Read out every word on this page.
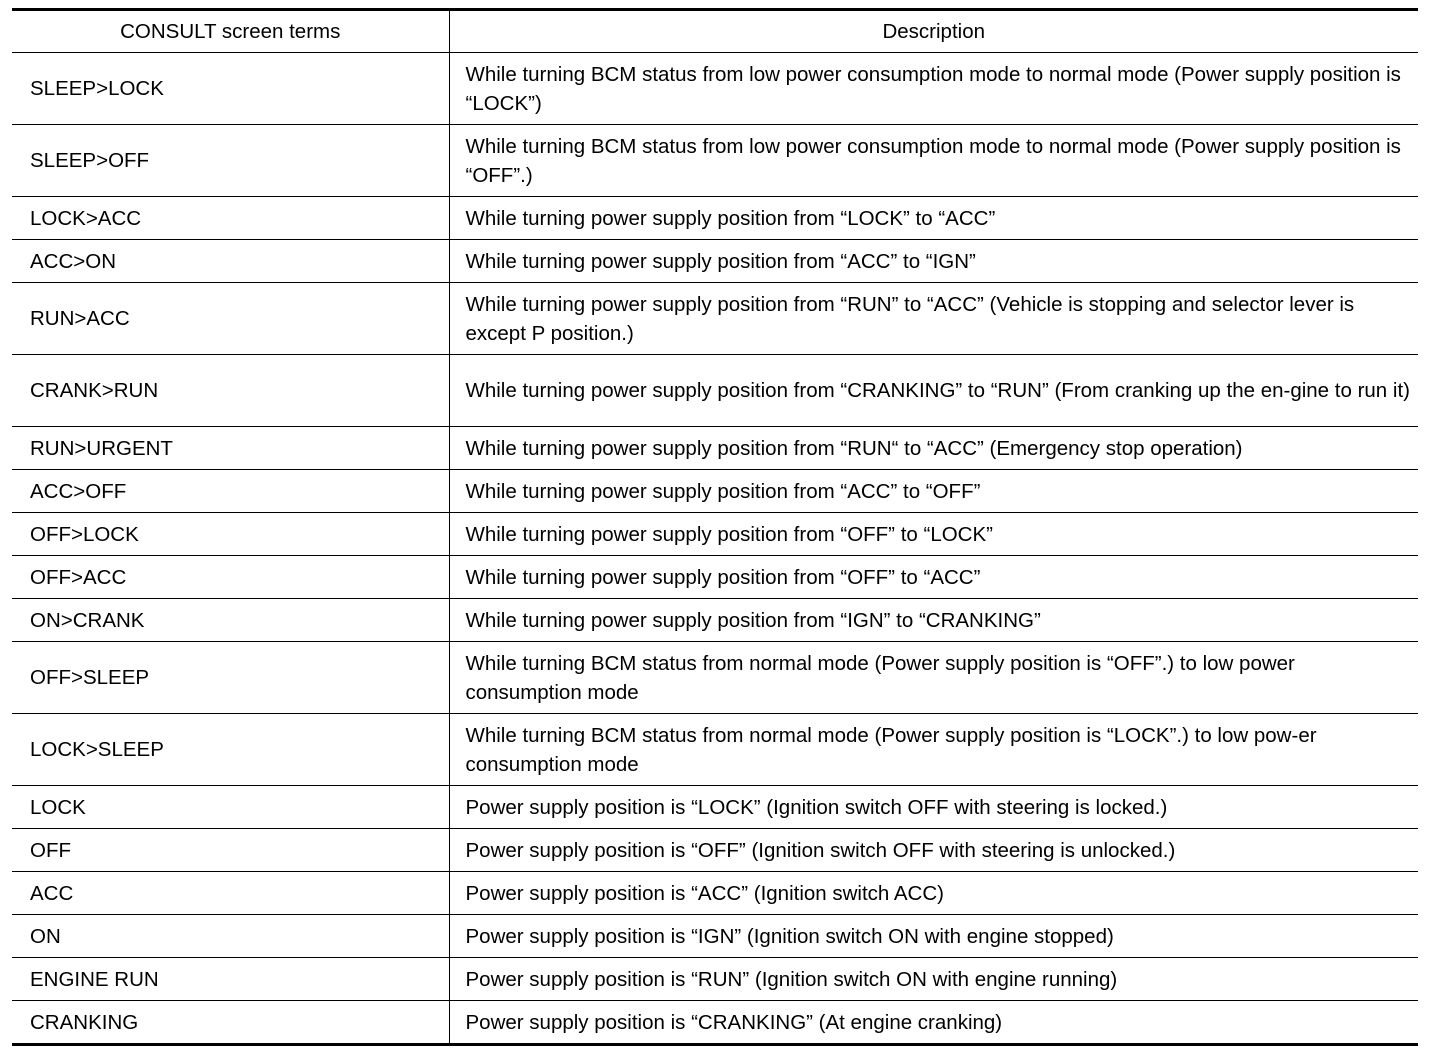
CONSULT screen terms	Description
SLEEP>LOCK	While turning BCM status from low power consumption mode to normal mode (Power supply position is “LOCK”)
SLEEP>OFF	While turning BCM status from low power consumption mode to normal mode (Power supply position is “OFF”.)
LOCK>ACC	While turning power supply position from “LOCK” to “ACC”
ACC>ON	While turning power supply position from “ACC” to “IGN”
RUN>ACC	While turning power supply position from “RUN” to “ACC” (Vehicle is stopping and selector lever is except P position.)
CRANK>RUN	While turning power supply position from “CRANKING” to “RUN” (From cranking up the en-gine to run it)
RUN>URGENT	While turning power supply position from “RUN“ to “ACC” (Emergency stop operation)
ACC>OFF	While turning power supply position from “ACC” to “OFF”
OFF>LOCK	While turning power supply position from “OFF” to “LOCK”
OFF>ACC	While turning power supply position from “OFF” to “ACC”
ON>CRANK	While turning power supply position from “IGN” to “CRANKING”
OFF>SLEEP	While turning BCM status from normal mode (Power supply position is “OFF”.) to low power consumption mode
LOCK>SLEEP	While turning BCM status from normal mode (Power supply position is “LOCK”.) to low pow-er consumption mode
LOCK	Power supply position is “LOCK” (Ignition switch OFF with steering is locked.)
OFF	Power supply position is “OFF” (Ignition switch OFF with steering is unlocked.)
ACC	Power supply position is “ACC” (Ignition switch ACC)
ON	Power supply position is “IGN” (Ignition switch ON with engine stopped)
ENGINE RUN	Power supply position is “RUN” (Ignition switch ON with engine running)
CRANKING	Power supply position is “CRANKING” (At engine cranking)
